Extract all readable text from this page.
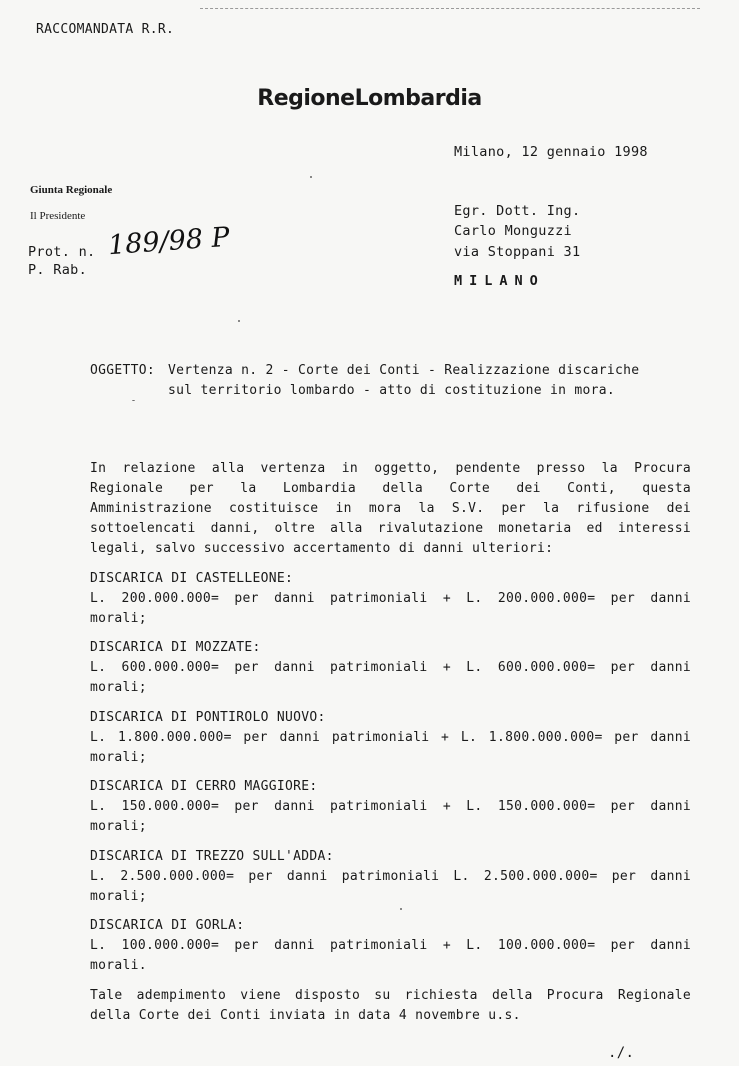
RACCOMANDATA R.R.
RegioneLombardia
Milano, 12 gennaio 1998
Giunta Regionale
Il Presidente
Prot. n. 189/98 P
P. Rab.
Egr. Dott. Ing.
Carlo Monguzzi
via Stoppani 31
MILANO
OGGETTO: Vertenza n. 2 - Corte dei Conti - Realizzazione discariche
sul territorio lombardo - atto di costituzione in mora.
In relazione alla vertenza in oggetto, pendente presso la Procura
Regionale per la Lombardia della Corte dei Conti, questa
Amministrazione costituisce in mora la S.V. per la rifusione dei
sottoelencati danni, oltre alla rivalutazione monetaria ed interessi
legali, salvo successivo accertamento di danni ulteriori:
DISCARICA DI CASTELLEONE:
L. 200.000.000= per danni patrimoniali + L. 200.000.000= per danni
morali;
DISCARICA DI MOZZATE:
L. 600.000.000= per danni patrimoniali + L. 600.000.000= per danni
morali;
DISCARICA DI PONTIROLO NUOVO:
L. 1.800.000.000= per danni patrimoniali + L. 1.800.000.000= per danni
morali;
DISCARICA DI CERRO MAGGIORE:
L. 150.000.000= per danni patrimoniali + L. 150.000.000= per danni
morali;
DISCARICA DI TREZZO SULL'ADDA:
L. 2.500.000.000= per danni patrimoniali L. 2.500.000.000= per danni
morali;
DISCARICA DI GORLA:
L. 100.000.000= per danni patrimoniali + L. 100.000.000= per danni
morali.
Tale adempimento viene disposto su richiesta della Procura Regionale
della Corte dei Conti inviata in data 4 novembre u.s.
./.
